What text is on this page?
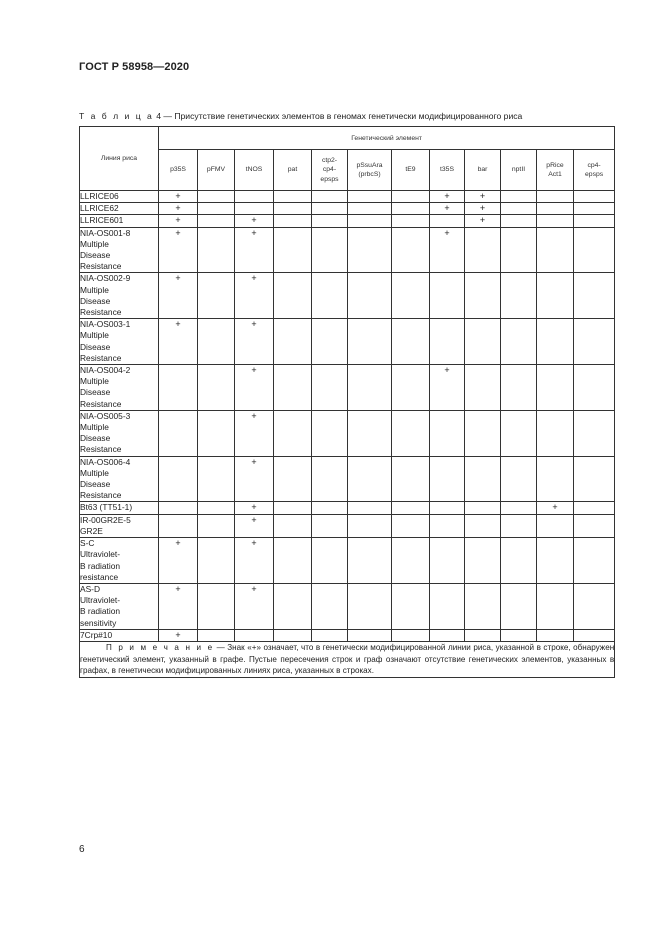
ГОСТ Р 58958—2020
Т а б л и ц а 4 — Присутствие генетических элементов в геномах генетически модифицированного риса
Линия риса	Генетический элемент											
	p35S	pFMV	tNOS	pat	ctp2-
cp4-
epsps	pSsuAra
(prbcS)	tE9	t35S	bar	nptII	pRice
Act1	cp4-
epsps
LLRICE06	+							+	+			
LLRICE62	+							+	+			
LLRICE601	+		+						+			
NIA-OS001-8
Multiple
Disease
Resistance	+		+					+				
NIA-OS002-9
Multiple
Disease
Resistance	+		+									
NIA-OS003-1
Multiple
Disease
Resistance	+		+									
NIA-OS004-2
Multiple
Disease
Resistance			+					+				
NIA-OS005-3
Multiple
Disease
Resistance			+									
NIA-OS006-4
Multiple
Disease
Resistance			+									
Bt63 (TT51-1)			+								+	
IR-00GR2E-5
GR2E			+									
S-C
Ultraviolet-
B radiation
resistance	+		+									
AS-D
Ultraviolet-
B radiation
sensitivity	+		+									
7Crp#10	+											
П р и м е ч а н и е — Знак «+» означает, что в генетически модифицированной линии риса, указанной в строке, обнаружен генетический элемент, указанный в графе. Пустые пересечения строк и граф означают отсутствие генетических элементов, указанных в графах, в генетически модифицированных линиях риса, указанных в строках.												
6
